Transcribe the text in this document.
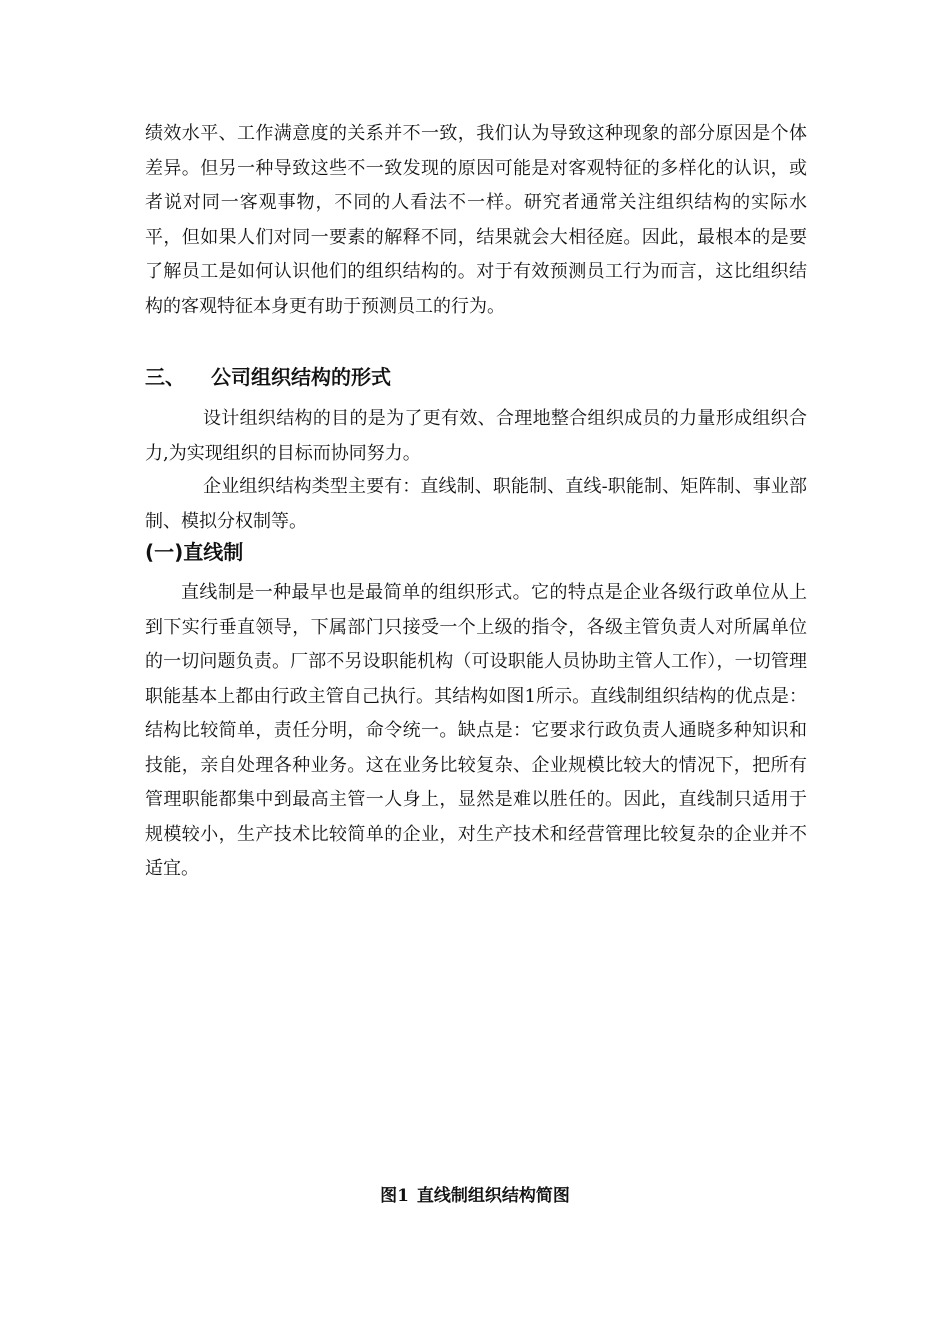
绩效水平、工作满意度的关系并不一致，我们认为导致这种现象的部分原因是个体差异。但另一种导致这些不一致发现的原因可能是对客观特征的多样化的认识，或者说对同一客观事物，不同的人看法不一样。研究者通常关注组织结构的实际水平，但如果人们对同一要素的解释不同，结果就会大相径庭。因此，最根本的是要了解员工是如何认识他们的组织结构的。对于有效预测员工行为而言，这比组织结构的客观特征本身更有助于预测员工的行为。

三、 公司组织结构的形式

设计组织结构的目的是为了更有效、合理地整合组织成员的力量形成组织合力,为实现组织的目标而协同努力。

企业组织结构类型主要有：直线制、职能制、直线-职能制、矩阵制、事业部制、模拟分权制等。

(一)直线制

直线制是一种最早也是最简单的组织形式。它的特点是企业各级行政单位从上到下实行垂直领导，下属部门只接受一个上级的指令，各级主管负责人对所属单位的一切问题负责。厂部不另设职能机构（可设职能人员协助主管人工作），一切管理职能基本上都由行政主管自己执行。其结构如图1所示。直线制组织结构的优点是：结构比较简单，责任分明，命令统一。缺点是：它要求行政负责人通晓多种知识和技能，亲自处理各种业务。这在业务比较复杂、企业规模比较大的情况下，把所有管理职能都集中到最高主管一人身上，显然是难以胜任的。因此，直线制只适用于规模较小，生产技术比较简单的企业，对生产技术和经营管理比较复杂的企业并不适宜。

图1 直线制组织结构简图
